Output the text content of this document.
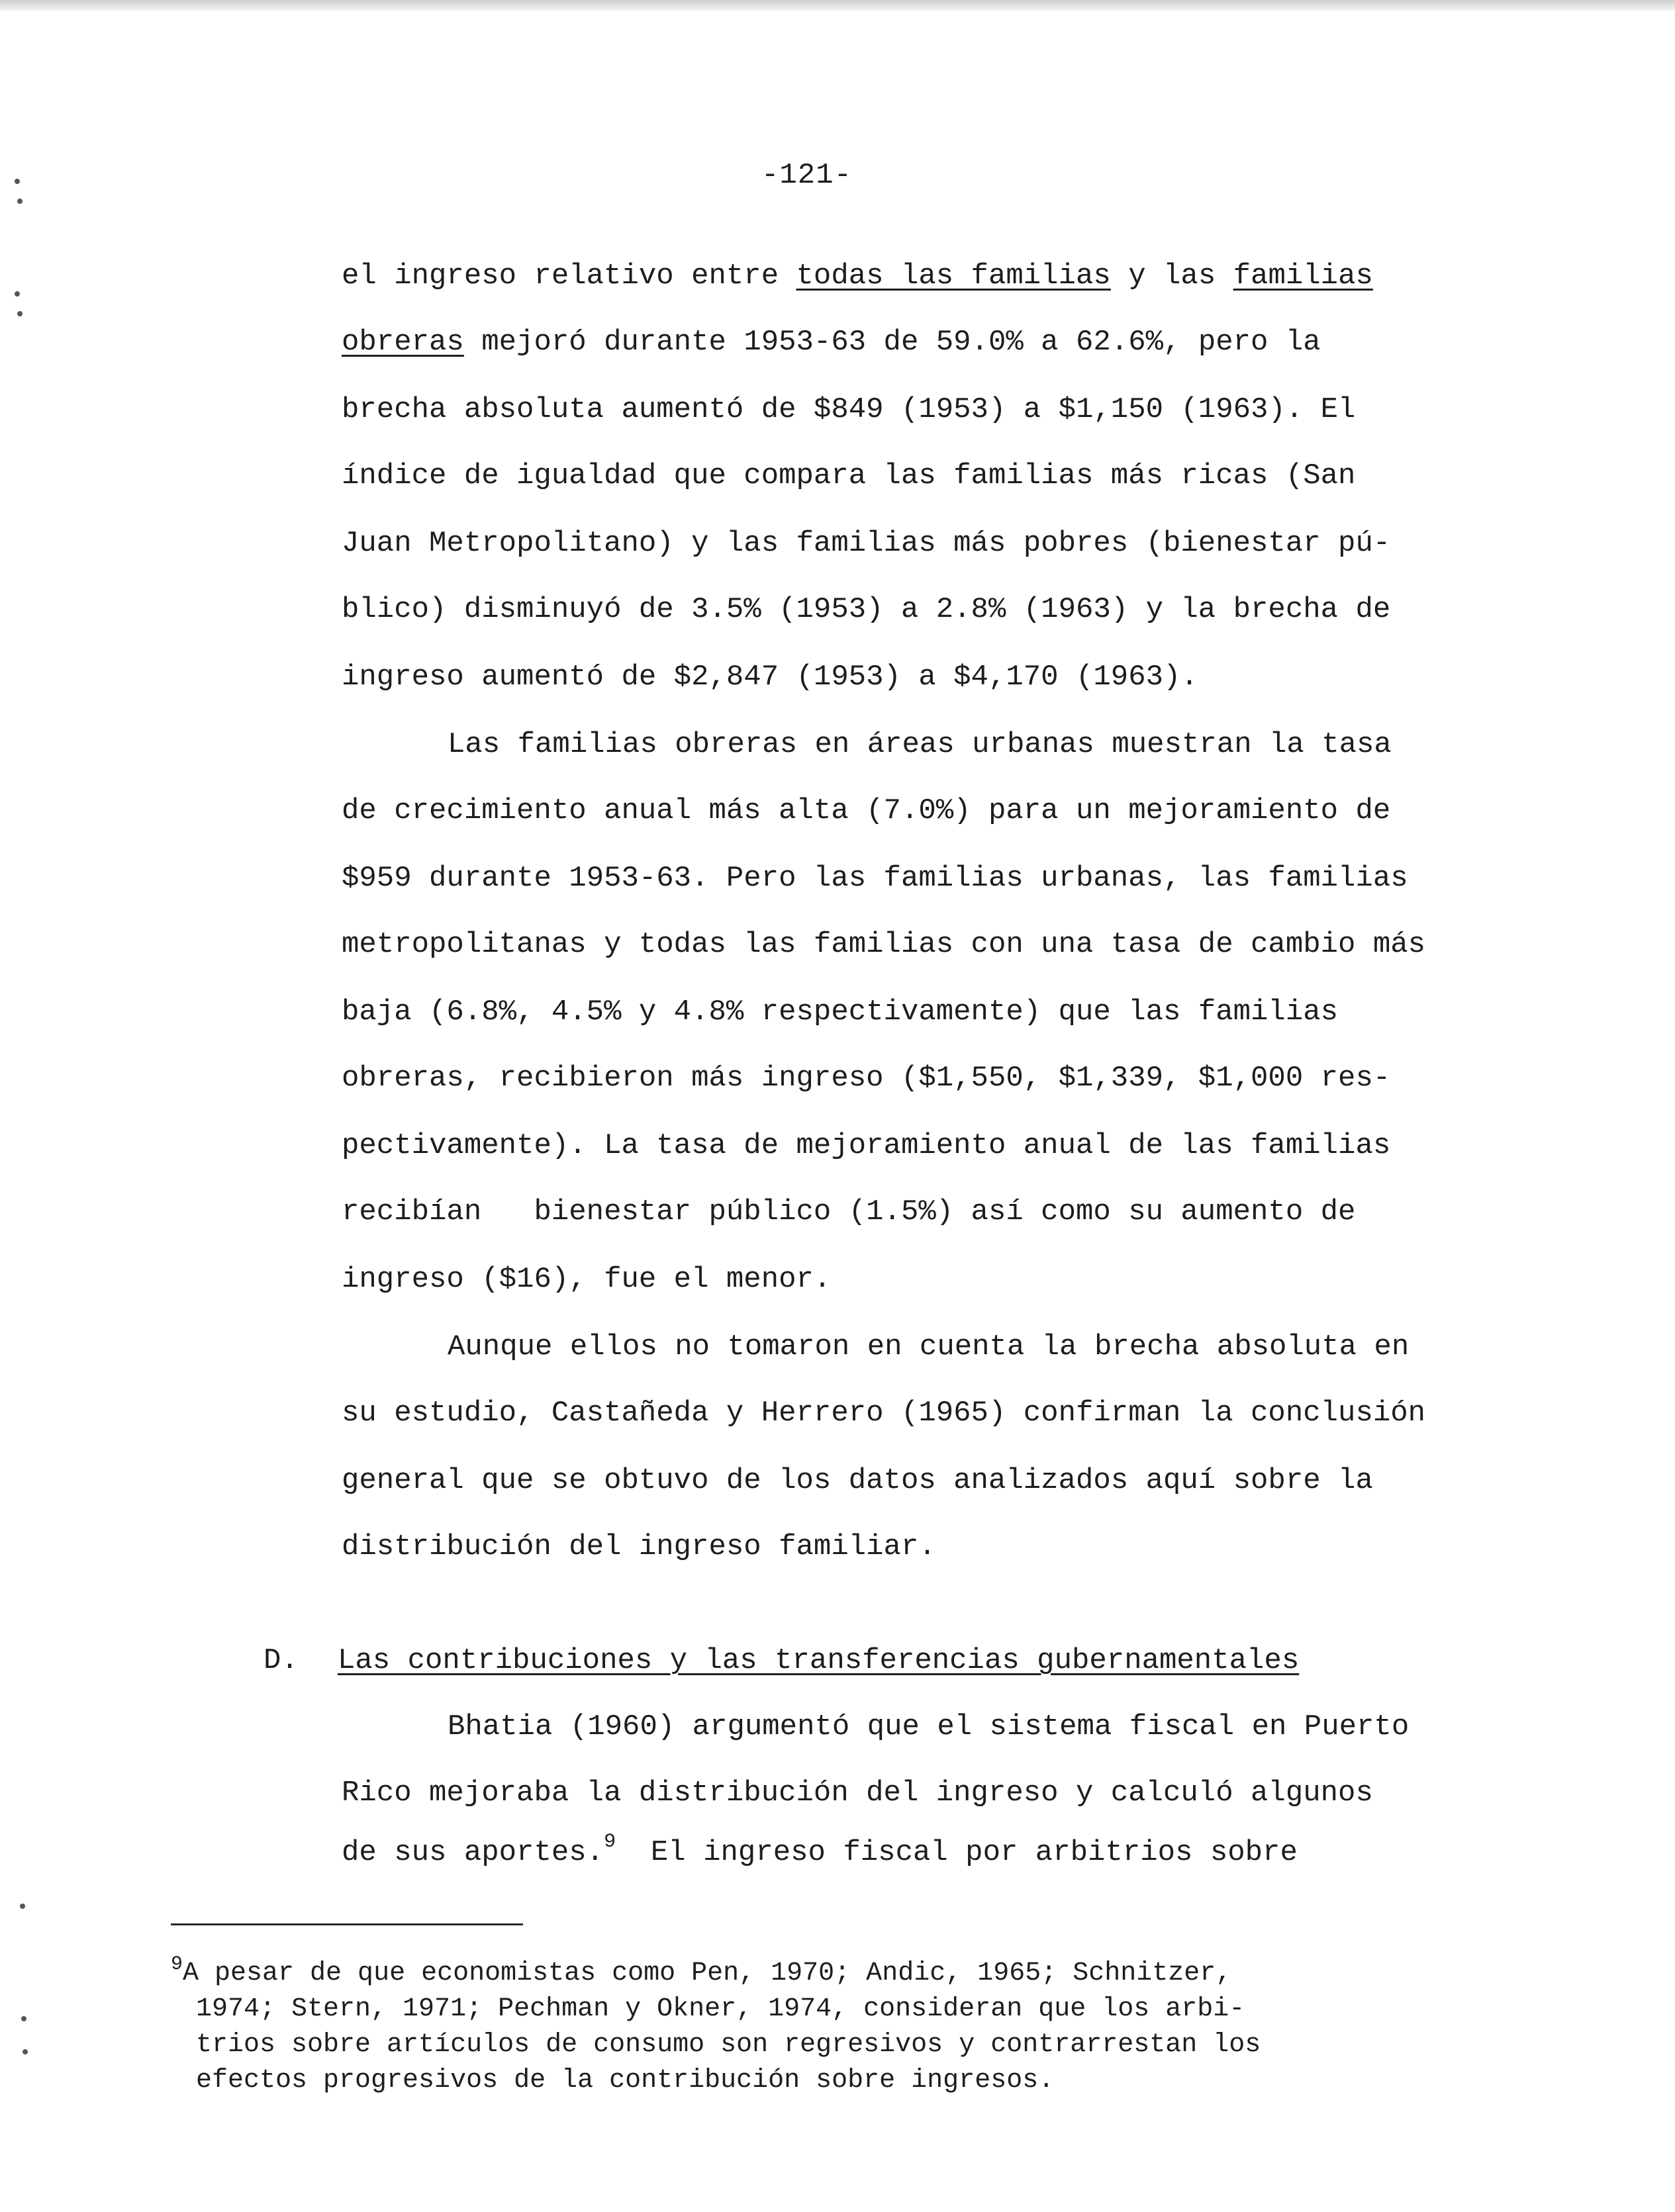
-121-
el ingreso relativo entre todas las familias y las familias
obreras mejoró durante 1953-63 de 59.0% a 62.6%, pero la
brecha absoluta aumentó de $849 (1953) a $1,150 (1963). El
índice de igualdad que compara las familias más ricas (San
Juan Metropolitano) y las familias más pobres (bienestar pú-
blico) disminuyó de 3.5% (1953) a 2.8% (1963) y la brecha de
ingreso aumentó de $2,847 (1953) a $4,170 (1963).
Las familias obreras en áreas urbanas muestran la tasa
de crecimiento anual más alta (7.0%) para un mejoramiento de
$959 durante 1953-63. Pero las familias urbanas, las familias
metropolitanas y todas las familias con una tasa de cambio más
baja (6.8%, 4.5% y 4.8% respectivamente) que las familias
obreras, recibieron más ingreso ($1,550, $1,339, $1,000 res-
pectivamente). La tasa de mejoramiento anual de las familias
recibían   bienestar público (1.5%) así como su aumento de
ingreso ($16), fue el menor.
Aunque ellos no tomaron en cuenta la brecha absoluta en
su estudio, Castañeda y Herrero (1965) confirman la conclusión
general que se obtuvo de los datos analizados aquí sobre la
distribución del ingreso familiar.
D. Las contribuciones y las transferencias gubernamentales
Bhatia (1960) argumentó que el sistema fiscal en Puerto
Rico mejoraba la distribución del ingreso y calculó algunos
de sus aportes.$^9$  El ingreso fiscal por arbitrios sobre
$^9$A pesar de que economistas como Pen, 1970; Andic, 1965; Schnitzer,
1974; Stern, 1971; Pechman y Okner, 1974, consideran que los arbi-
trios sobre artículos de consumo son regresivos y contrarrestan los
efectos progresivos de la contribución sobre ingresos.
